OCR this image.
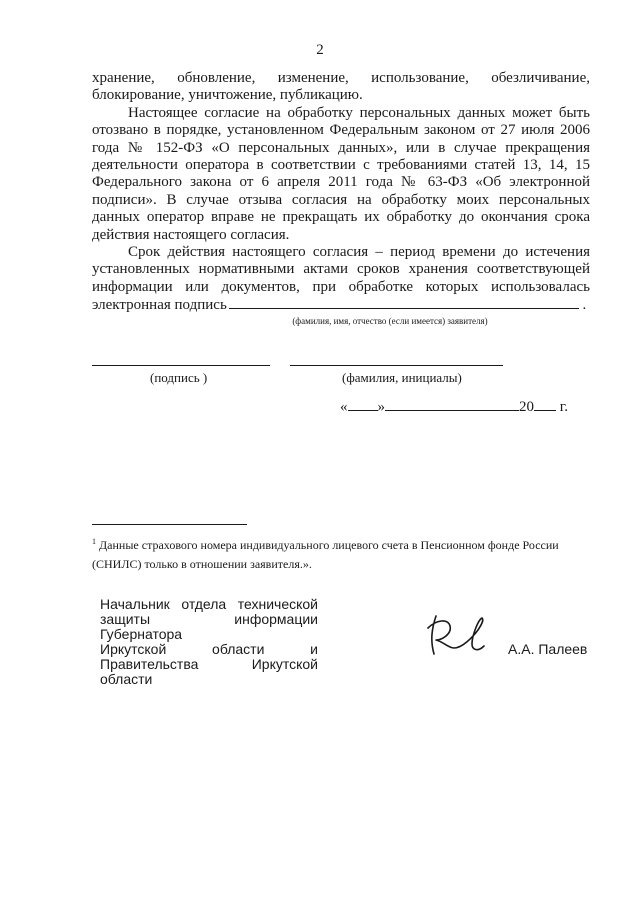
2

хранение, обновление, изменение, использование, обезличивание, блокирование, уничтожение, публикацию.

Настоящее согласие на обработку персональных данных может быть отозвано в порядке, установленном Федеральным законом от 27 июля 2006 года № 152-ФЗ «О персональных данных», или в случае прекращения деятельности оператора в соответствии с требованиями статей 13, 14, 15 Федерального закона от 6 апреля 2011 года № 63-ФЗ «Об электронной подписи». В случае отзыва согласия на обработку моих персональных данных оператор вправе не прекращать их обработку до окончания срока действия настоящего согласия.

Срок действия настоящего согласия – период времени до истечения установленных нормативными актами сроков хранения соответствующей информации или документов, при обработке которых использовалась электронная подпись	.

(фамилия, имя, отчество (если имеется) заявителя)
(подпись )	(фамилия, инициалы)
« »	20 г.
$^1$ Данные страхового номера индивидуального лицевого счета в Пенсионном фонде России (СНИЛС) только в отношении заявителя.».
Начальник отдела технической
защиты информации Губернатора
Иркутской области и
Правительства Иркутской области
А.А. Палеев
